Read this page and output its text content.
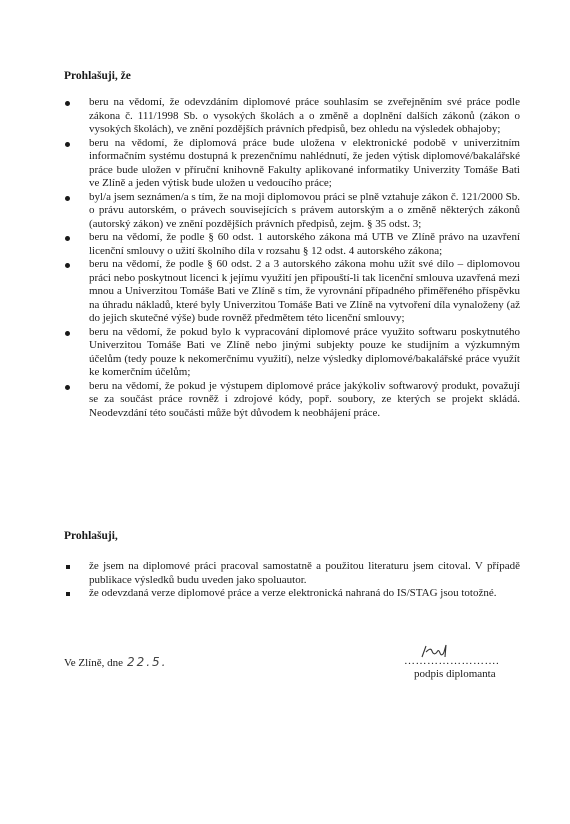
Prohlašuji, že
beru na vědomí, že odevzdáním diplomové práce souhlasím se zveřejněním své práce podle zákona č. 111/1998 Sb. o vysokých školách a o změně a doplnění dalších zákonů (zákon o vysokých školách), ve znění pozdějších právních předpisů, bez ohledu na výsledek obhajoby;
beru na vědomí, že diplomová práce bude uložena v elektronické podobě v univerzitním informačním systému dostupná k prezenčnímu nahlédnutí, že jeden výtisk diplomové/bakalářské práce bude uložen v příruční knihovně Fakulty aplikované informatiky Univerzity Tomáše Bati ve Zlíně a jeden výtisk bude uložen u vedoucího práce;
byl/a jsem seznámen/a s tím, že na moji diplomovou práci se plně vztahuje zákon č. 121/2000 Sb. o právu autorském, o právech souvisejících s právem autorským a o změně některých zákonů (autorský zákon) ve znění pozdějších právních předpisů, zejm. § 35 odst. 3;
beru na vědomí, že podle § 60 odst. 1 autorského zákona má UTB ve Zlíně právo na uzavření licenční smlouvy o užití školního díla v rozsahu § 12 odst. 4 autorského zákona;
beru na vědomí, že podle § 60 odst. 2 a 3 autorského zákona mohu užít své dílo – diplomovou práci nebo poskytnout licenci k jejímu využití jen připouští-li tak licenční smlouva uzavřená mezi mnou a Univerzitou Tomáše Bati ve Zlíně s tím, že vyrovnání případného přiměřeného příspěvku na úhradu nákladů, které byly Univerzitou Tomáše Bati ve Zlíně na vytvoření díla vynaloženy (až do jejich skutečné výše) bude rovněž předmětem této licenční smlouvy;
beru na vědomí, že pokud bylo k vypracování diplomové práce využito softwaru poskytnutého Univerzitou Tomáše Bati ve Zlíně nebo jinými subjekty pouze ke studijním a výzkumným účelům (tedy pouze k nekomerčnímu využití), nelze výsledky diplomové/bakalářské práce využít ke komerčním účelům;
beru na vědomí, že pokud je výstupem diplomové práce jakýkoliv softwarový produkt, považují se za součást práce rovněž i zdrojové kódy, popř. soubory, ze kterých se projekt skládá. Neodevzdání této součásti může být důvodem k neobhájení práce.
Prohlašuji,
že jsem na diplomové práci pracoval samostatně a použitou literaturu jsem citoval. V případě publikace výsledků budu uveden jako spoluautor.
že odevzdaná verze diplomové práce a verze elektronická nahraná do IS/STAG jsou totožné.
Ve Zlíně, dne 22.5.	…………………….
podpis diplomanta
